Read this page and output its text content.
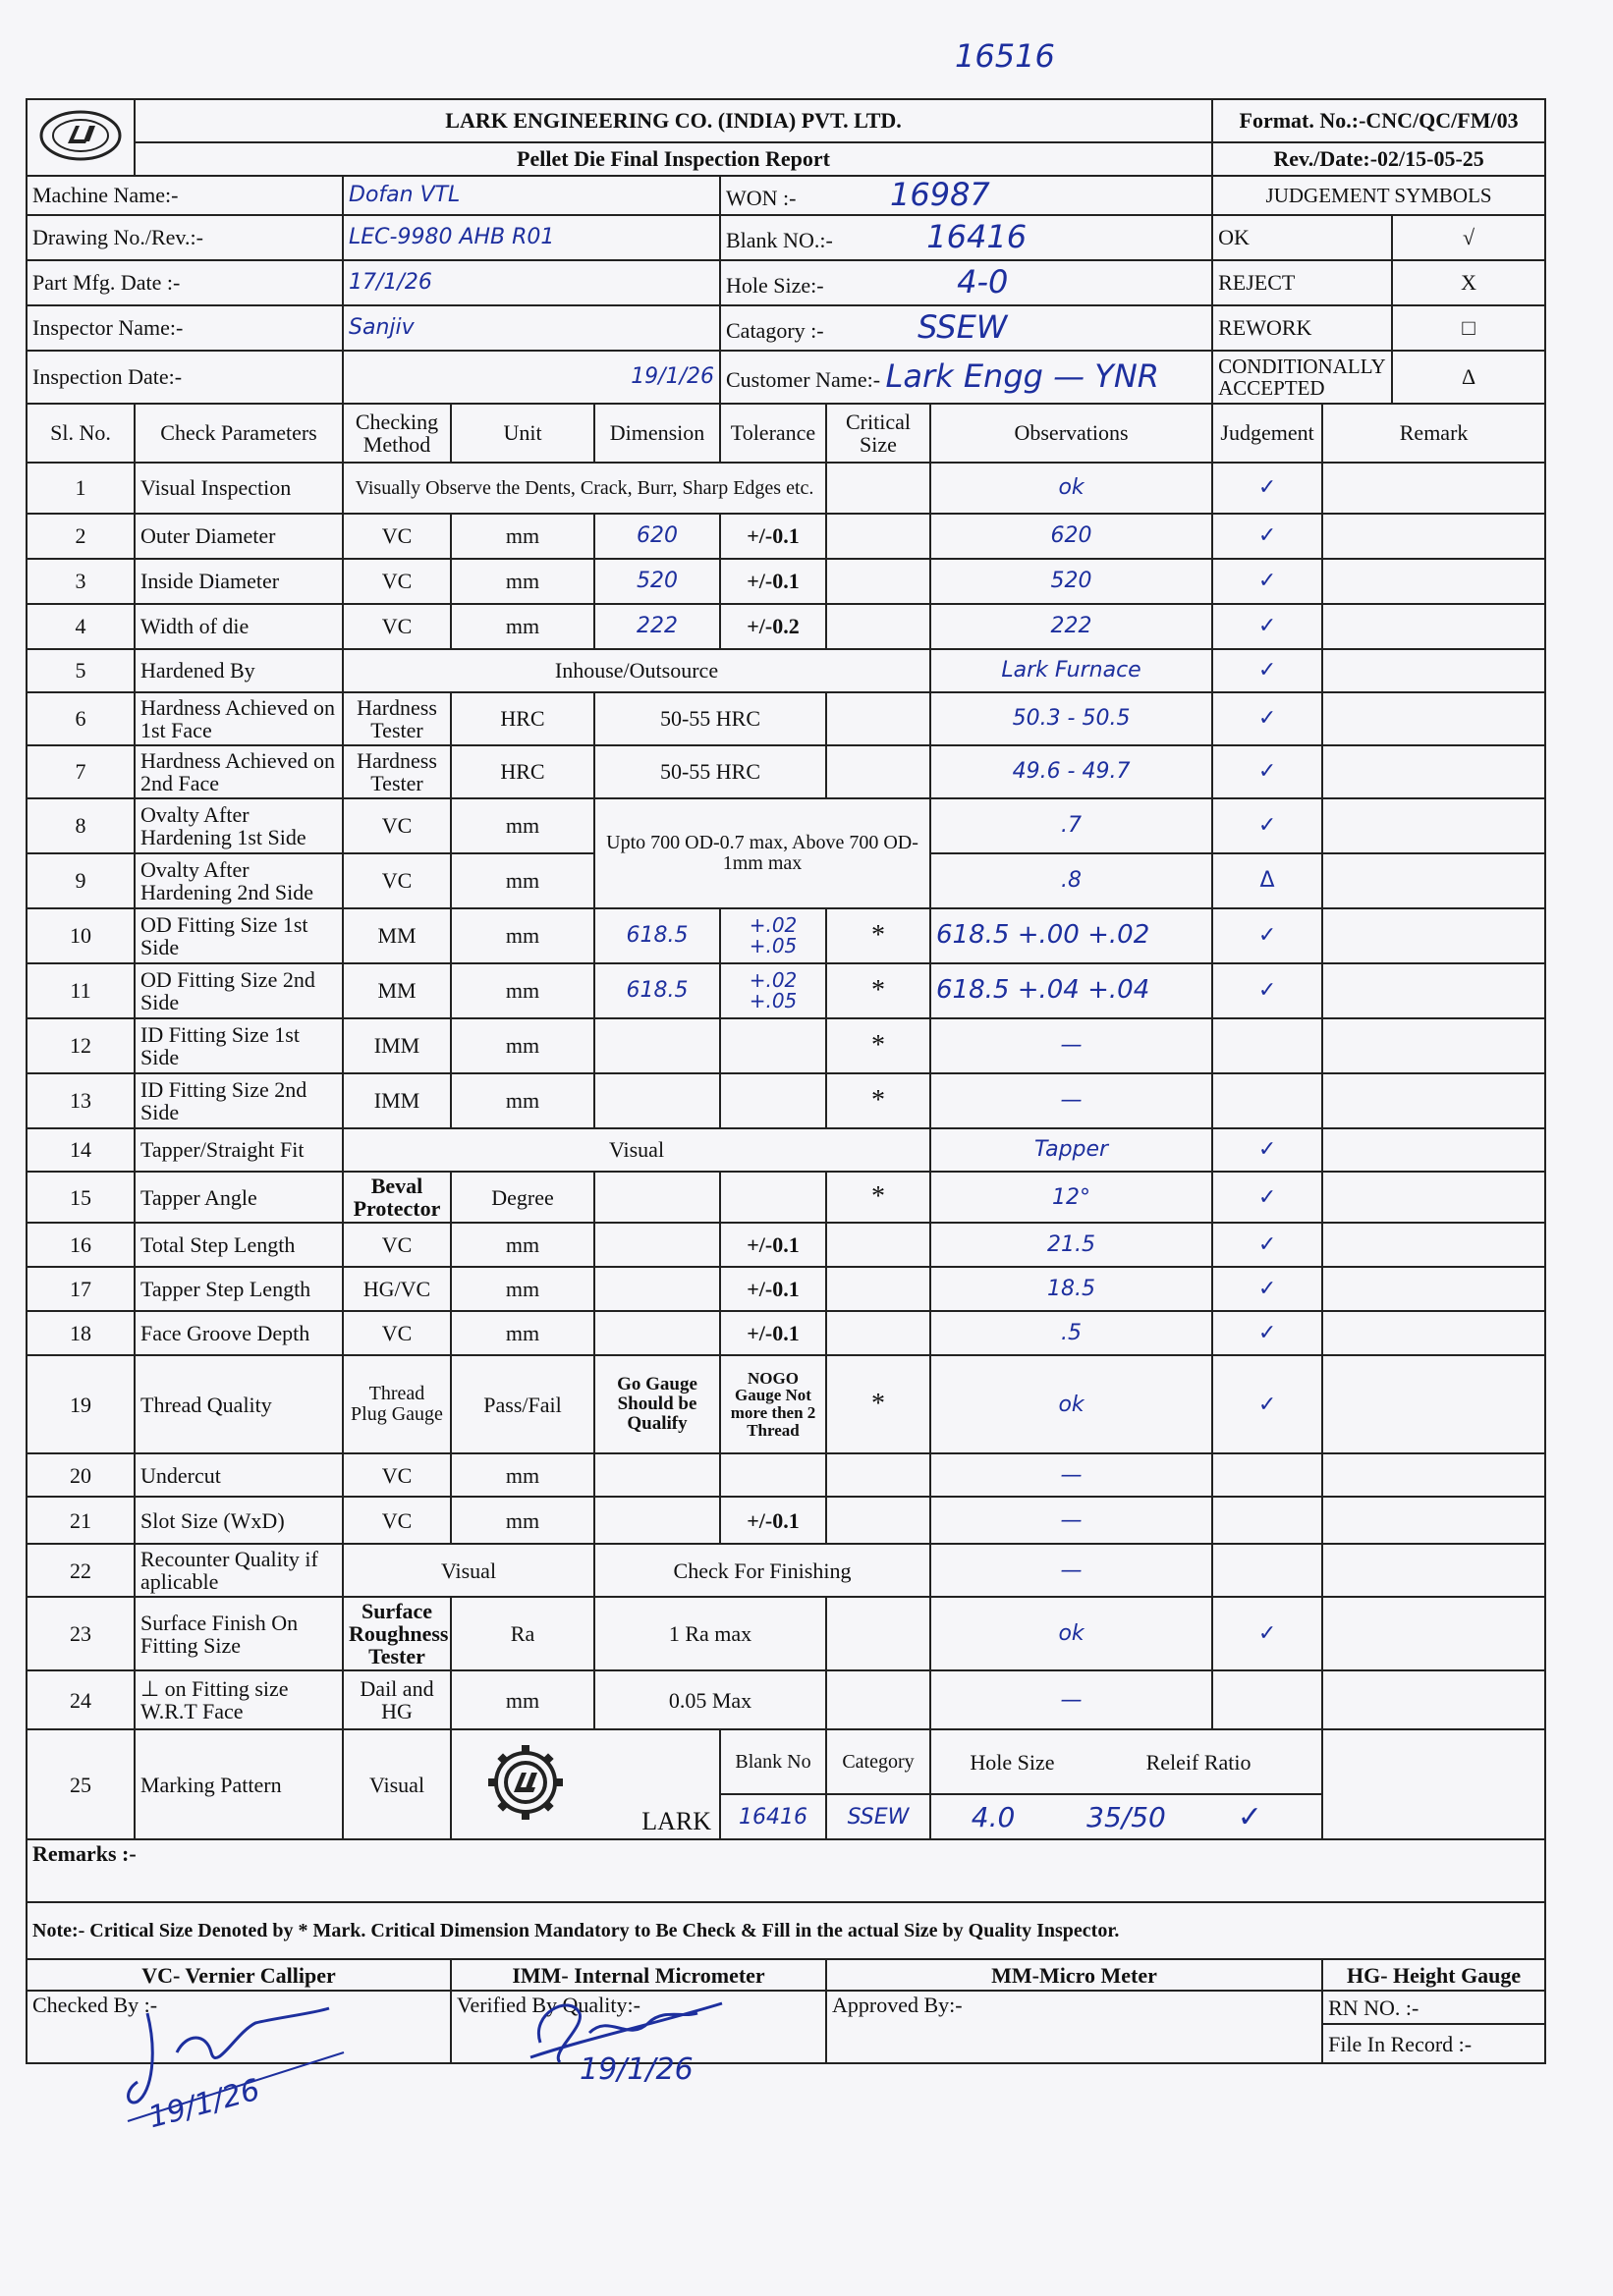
16516
	LARK ENGINEERING CO. (INDIA) PVT. LTD.							Format. No.:-CNC/QC/FM/03		
	Pellet Die Final Inspection Report							Rev./Date:-02/15-05-25		
Machine Name:-		Dofan VTL			WON :- 16987			JUDGEMENT SYMBOLS		
Drawing No./Rev.:-		LEC-9980 AHB R01			Blank NO.:- 16416			OK		√
Part Mfg. Date :-		17/1/26			Hole Size:- 4-0			REJECT		X
Inspector Name:-		Sanjiv			Catagory :- SSEW			REWORK		□
Inspection Date:-		19/1/26			Customer Name:- Lark Engg — YNR			CONDITIONALLY ACCEPTED		Δ
Sl. No.	Check Parameters	Checking Method	Unit	Dimension	Tolerance	Critical Size	Observations	Judgement	Remark	
1	Visual Inspection	Visually Observe the Dents, Crack, Burr, Sharp Edges etc.					ok	✓		
2	Outer Diameter	VC	mm	620	+/-0.1		620	✓		
3	Inside Diameter	VC	mm	520	+/-0.1		520	✓		
4	Width of die	VC	mm	222	+/-0.2		222	✓		
5	Hardened By	Inhouse/Outsource					Lark Furnace	✓		
6	Hardness Achieved on 1st Face	Hardness Tester	HRC	50-55 HRC			50.3 - 50.5	✓		
7	Hardness Achieved on 2nd Face	Hardness Tester	HRC	50-55 HRC			49.6 - 49.7	✓		
8	Ovalty After Hardening 1st Side	VC	mm	Upto 700 OD-0.7 max, Above 700 OD-1mm max			.7	✓		
9	Ovalty After Hardening 2nd Side	VC	mm				.8	Δ		
10	OD Fitting Size 1st Side	MM	mm	618.5	+.02 +.05	*	618.5 +.00 +.02	✓		
11	OD Fitting Size 2nd Side	MM	mm	618.5	+.02 +.05	*	618.5 +.04 +.04	✓		
12	ID Fitting Size 1st Side	IMM	mm			*	—			
13	ID Fitting Size 2nd Side	IMM	mm			*	—			
14	Tapper/Straight Fit	Visual					Tapper	✓		
15	Tapper Angle	Beval Protector	Degree			*	12°	✓		
16	Total Step Length	VC	mm		+/-0.1		21.5	✓		
17	Tapper Step Length	HG/VC	mm		+/-0.1		18.5	✓		
18	Face Groove Depth	VC	mm		+/-0.1		.5	✓		
19	Thread Quality	Thread Plug Gauge	Pass/Fail	Go Gauge Should be Qualify	NOGO Gauge Not more then 2 Thread	*	ok	✓		
20	Undercut	VC	mm				—			
21	Slot Size (WxD)	VC	mm		+/-0.1		—			
22	Recounter Quality if aplicable	Visual		Check For Finishing			—			
23	Surface Finish On Fitting Size	Surface Roughness Tester	Ra	1 Ra max			ok	✓		
24	⊥ on Fitting size W.R.T Face	Dail and HG	mm	0.05 Max			—			
25	Marking Pattern	Visual	LARK		Blank No	Category	Hole Size Releif Ratio			
					16416	SSEW	4.0 35/50 ✓			
Remarks :-										
Note:- Critical Size Denoted by * Mark. Critical Dimension Mandatory to Be Check & Fill in the actual Size by Quality Inspector.										
VC- Vernier Calliper			IMM- Internal Micrometer			MM-Micro Meter			HG- Height Gauge	
Checked By :-			Verified By Quality:-			Approved By:-			RN NO. :-	
									File In Record :-	
19/1/26
19/1/26
